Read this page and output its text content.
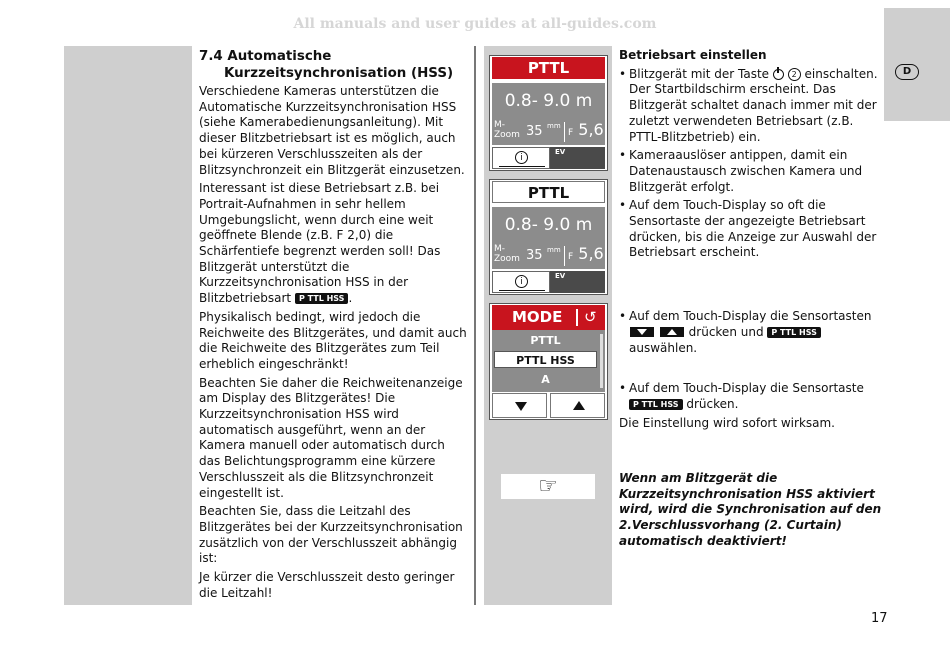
All manuals and user guides at all-guides.com
D
7.4 Automatische
Kurzzeitsynchronisation (HSS)

Verschiedene Kameras unterstützen die Automatische Kurzzeitsynchronisation HSS (siehe Kamerabedienungsanleitung). Mit dieser Blitzbetriebsart ist es möglich, auch bei kürzeren Verschlusszeiten als der Blitzsynchronzeit ein Blitzgerät einzusetzen.

Interessant ist diese Betriebsart z.B. bei Portrait-Aufnahmen in sehr hellem Umgebungslicht, wenn durch eine weit geöffnete Blende (z.B. F 2,0) die Schärfentiefe begrenzt werden soll! Das Blitzgerät unterstützt die Kurzzeitsynchronisation HSS in der Blitzbetriebsart P TTL HSS .

Physikalisch bedingt, wird jedoch die Reichweite des Blitzgerätes, und damit auch die Reichweite des Blitzgerätes zum Teil erheblich eingeschränkt!

Beachten Sie daher die Reichweitenanzeige am Display des Blitzgerätes! Die Kurzzeitsynchronisation HSS wird automatisch ausgeführt, wenn an der Kamera manuell oder automatisch durch das Belichtungsprogramm eine kürzere Verschlusszeit als die Blitzsynchronzeit eingestellt ist.

Beachten Sie, dass die Leitzahl des Blitzgerätes bei der Kurzzeitsynchronisation zusätzlich von der Verschlusszeit abhängig ist:

Je kürzer die Verschlusszeit desto geringer die Leitzahl!

PTTL
0.8- 9.0 m
M-Zoom 35 mm
F 5,6
i
EV
PTTL
0.8- 9.0 m
M-Zoom 35 mm
F 5,6
i
EV
MODE ↺
PTTL
PTTL HSS
A
☞
Betriebsart einstellen
• Blitzgerät mit der Taste	2 einschalten. Der Startbildschirm erscheint. Das Blitzgerät schaltet danach immer mit der zuletzt verwendeten Betriebsart (z.B. PTTL-Blitzbetrieb) ein.
• Kameraauslöser antippen, damit ein Datenaustausch zwischen Kamera und Blitzgerät erfolgt.
• Auf dem Touch-Display so oft die Sensortaste der angezeigte Betriebsart drücken, bis die Anzeige zur Auswahl der Betriebsart erscheint.
• Auf dem Touch-Display die Sensortasten   drücken und P TTL HSS auswählen.
• Auf dem Touch-Display die Sensortaste P TTL HSS drücken.
Die Einstellung wird sofort wirksam.
Wenn am Blitzgerät die Kurzzeitsynchronisation HSS aktiviert wird, wird die Synchronisation auf den 2.Verschlussvorhang (2. Curtain) automatisch deaktiviert!
17
